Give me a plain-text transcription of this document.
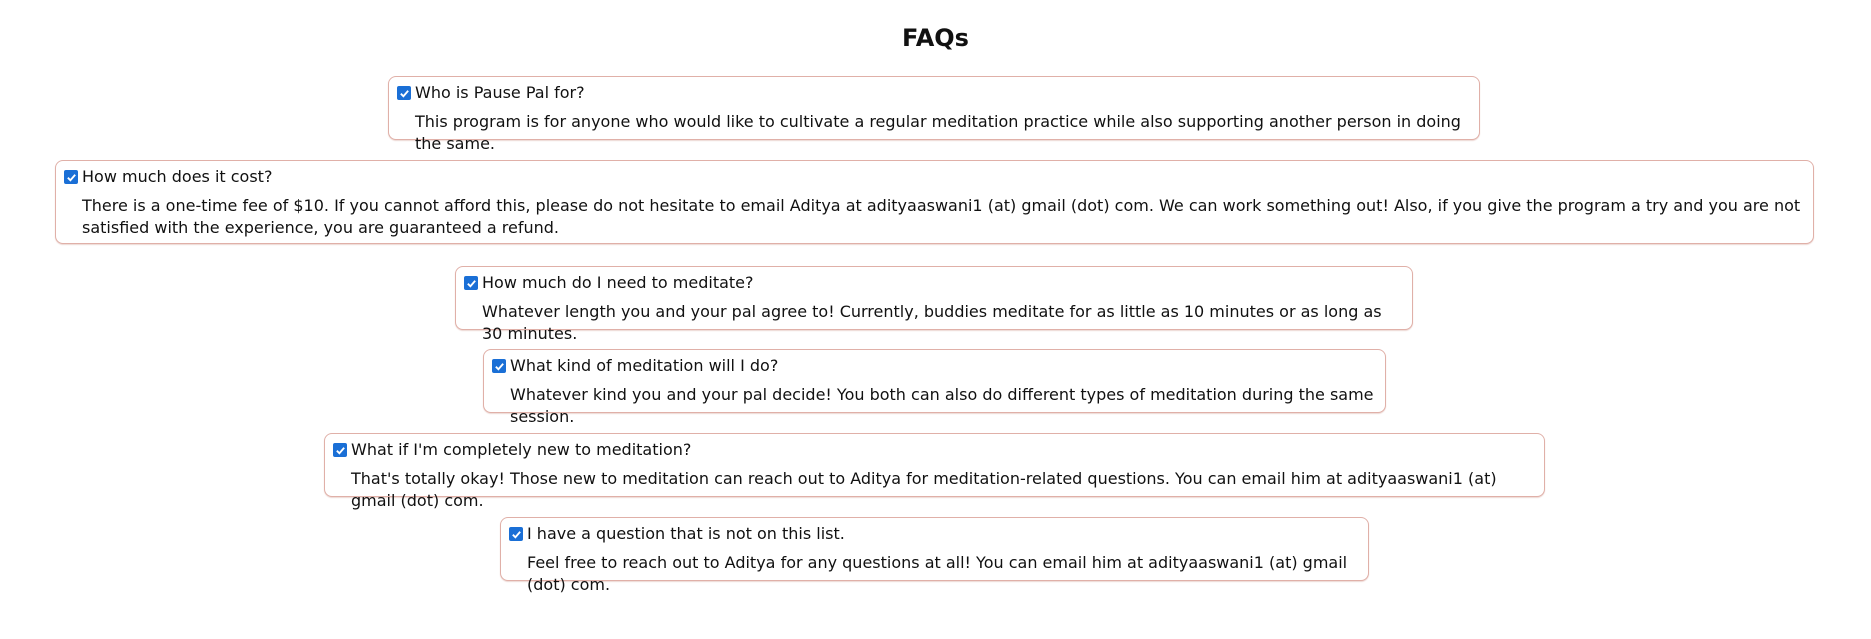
FAQs
Who is Pause Pal for?
This program is for anyone who would like to cultivate a regular meditation practice while also supporting another person in doing the same.
How much does it cost?
There is a one-time fee of $10. If you cannot afford this, please do not hesitate to email Aditya at adityaaswani1 (at) gmail (dot) com. We can work something out! Also, if you give the program a try and you are not satisfied with the experience, you are guaranteed a refund.
How much do I need to meditate?
Whatever length you and your pal agree to! Currently, buddies meditate for as little as 10 minutes or as long as 30 minutes.
What kind of meditation will I do?
Whatever kind you and your pal decide! You both can also do different types of meditation during the same session.
What if I'm completely new to meditation?
That's totally okay! Those new to meditation can reach out to Aditya for meditation-related questions. You can email him at adityaaswani1 (at) gmail (dot) com.
I have a question that is not on this list.
Feel free to reach out to Aditya for any questions at all! You can email him at adityaaswani1 (at) gmail (dot) com.
